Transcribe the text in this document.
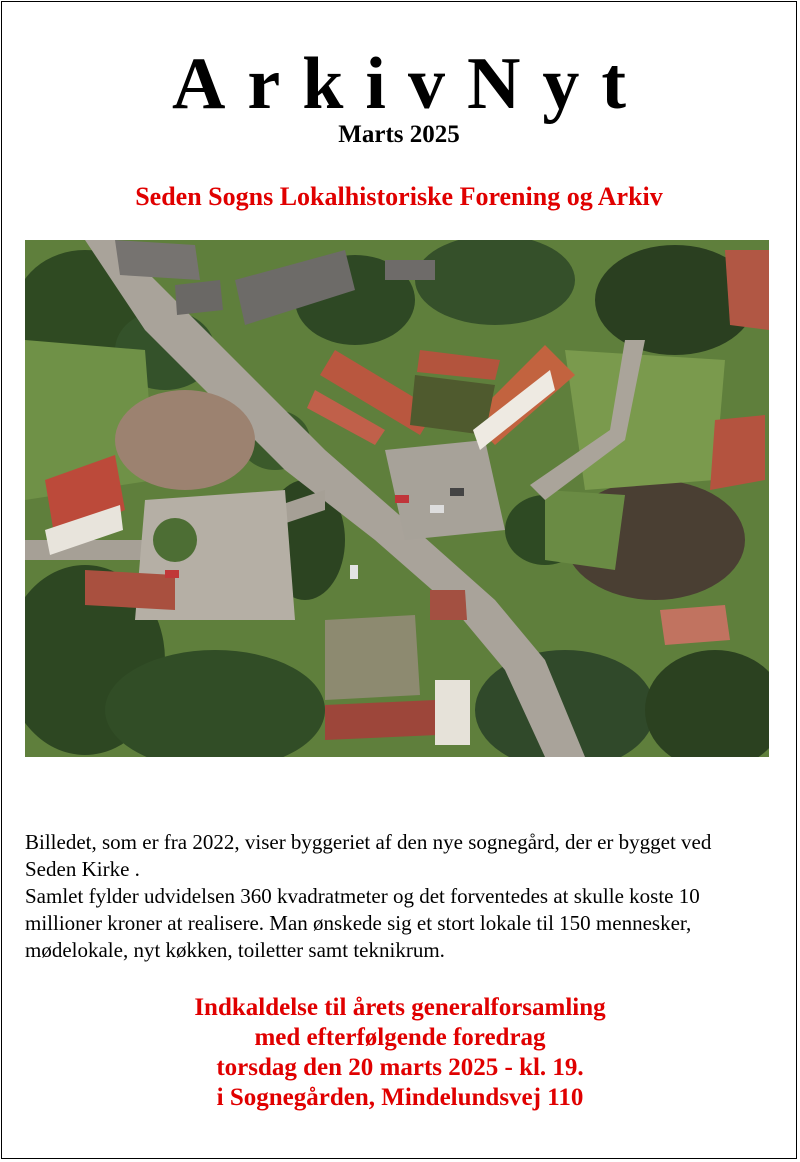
ArkivNyt
Marts 2025
Seden Sogns Lokalhistoriske Forening og Arkiv

Billedet, som er fra 2022, viser byggeriet af den nye sognegård, der er bygget ved Seden Kirke .

Samlet fylder udvidelsen 360 kvadratmeter og det forventedes at skulle koste 10 millioner kroner at realisere. Man ønskede sig et stort lokale til 150 mennesker, mødelokale, nyt køkken, toiletter samt teknikrum.

Indkaldelse til årets generalforsamling
med efterfølgende foredrag
torsdag den 20 marts 2025 - kl. 19.
i Sognegården, Mindelundsvej 110
